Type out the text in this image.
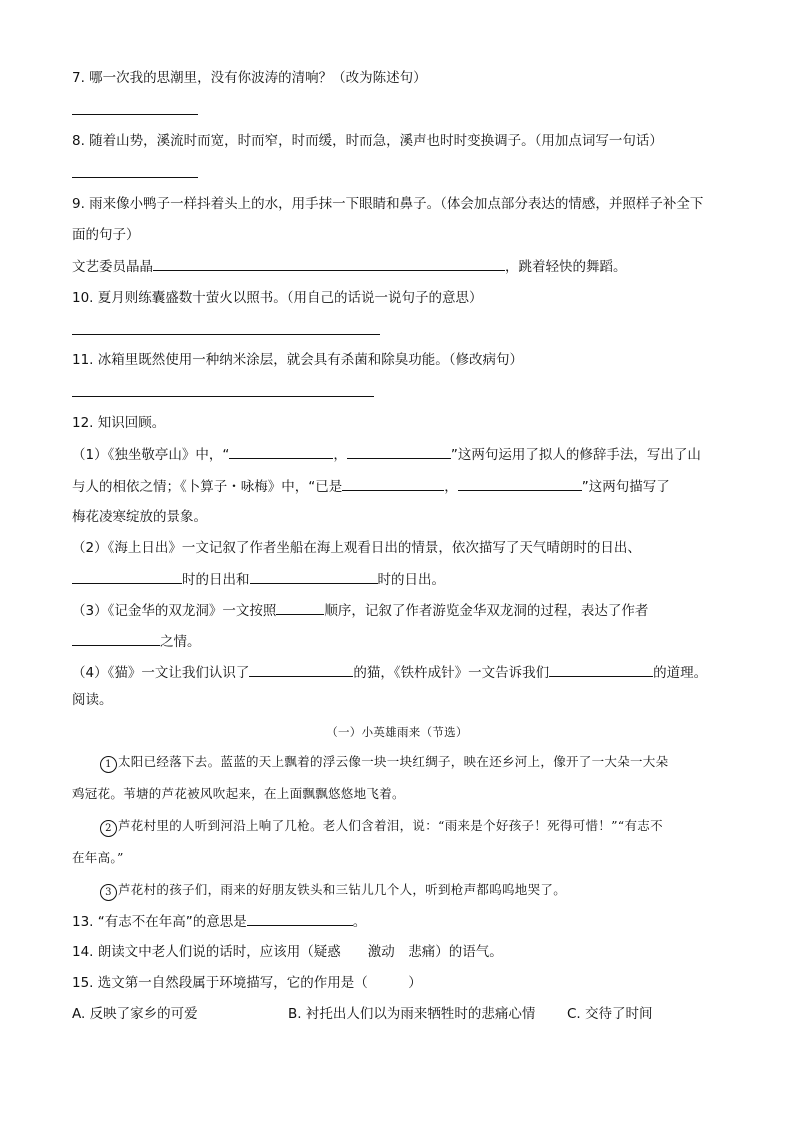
7. 哪一次我的思潮里，没有你波涛的清响？（改为陈述句）
8. 随着山势，溪流时而宽，时而窄，时而缓，时而急，溪声也时时变换调子。（用加点词写一句话）
9. 雨来像小鸭子一样抖着头上的水，用手抹一下眼睛和鼻子。（体会加点部分表达的情感，并照样子补全下
面的句子）
文艺委员晶晶	，跳着轻快的舞蹈。
10. 夏月则练囊盛数十萤火以照书。（用自己的话说一说句子的意思）
11. 冰箱里既然使用一种纳米涂层，就会具有杀菌和除臭功能。（修改病句）
12. 知识回顾。
（1）《独坐敬亭山》中，“	，	”这两句运用了拟人的修辞手法，写出了山
与人的相依之情；《卜算子・咏梅》中，“已是	，	”这两句描写了
梅花凌寒绽放的景象。
（2）《海上日出》一文记叙了作者坐船在海上观看日出的情景，依次描写了天气晴朗时的日出、
时的日出和	时的日出。
（3）《记金华的双龙洞》一文按照	顺序，记叙了作者游览金华双龙洞的过程，表达了作者
之情。
（4）《猫》一文让我们认识了	的猫，《铁杵成针》一文告诉我们	的道理。
阅读。
（一）小英雄雨来（节选）
1 太阳已经落下去。蓝蓝的天上飘着的浮云像一块一块红绸子，映在还乡河上，像开了一大朵一大朵
鸡冠花。苇塘的芦花被风吹起来，在上面飘飘悠悠地飞着。
2 芦花村里的人听到河沿上响了几枪。老人们含着泪，说：“雨来是个好孩子！死得可惜！”“有志不
在年高。”
3 芦花村的孩子们，雨来的好朋友铁头和三钻儿几个人，听到枪声都呜呜地哭了。
13. “有志不在年高”的意思是	。
14. 朗读文中老人们说的话时，应该用（疑惑　　激动　悲痛）的语气。
15. 选文第一自然段属于环境描写，它的作用是（　　　）
A. 反映了家乡的可爱	B. 衬托出人们以为雨来牺牲时的悲痛心情 C. 交待了时间
